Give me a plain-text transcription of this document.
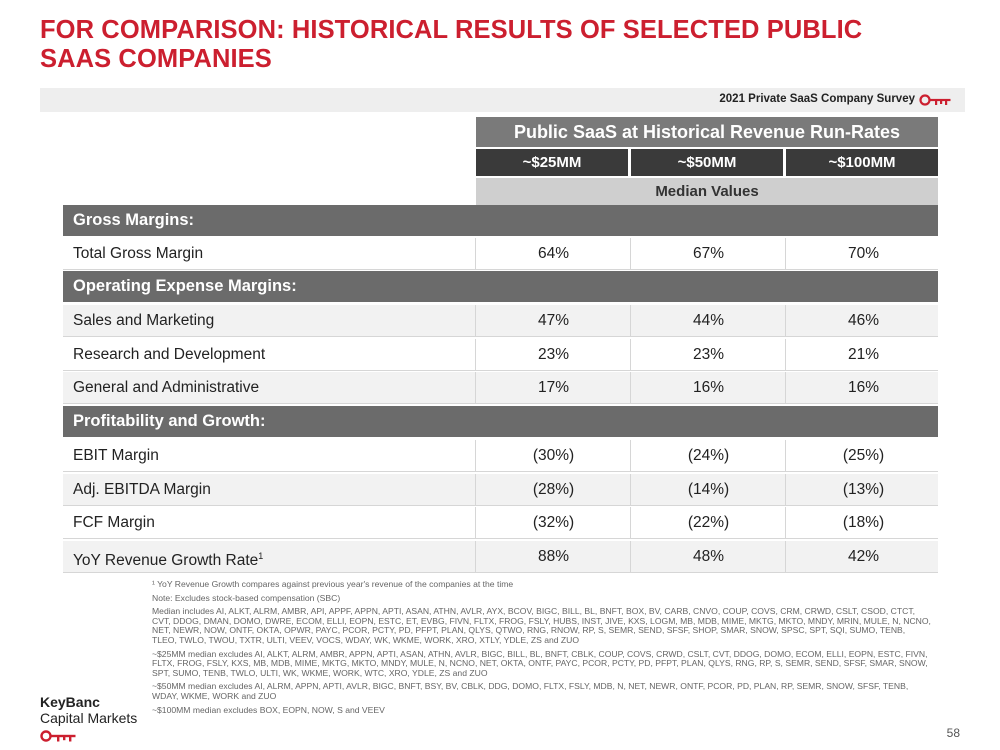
FOR COMPARISON: HISTORICAL RESULTS OF SELECTED PUBLIC SAAS COMPANIES
2021 Private SaaS Company Survey
Public SaaS at Historical Revenue Run-Rates
~$25MM	~$50MM	~$100MM
Median Values
Gross Margins:
Total Gross Margin	64%	67%	70%
Operating Expense Margins:
Sales and Marketing	47%	44%	46%
Research and Development	23%	23%	21%
General and Administrative	17%	16%	16%
Profitability and Growth:
EBIT Margin	(30%)	(24%)	(25%)
Adj. EBITDA Margin	(28%)	(14%)	(13%)
FCF Margin	(32%)	(22%)	(18%)
YoY Revenue Growth Rate$^1$	88%	48%	42%

¹ YoY Revenue Growth compares against previous year's revenue of the companies at the time

Note: Excludes stock-based compensation (SBC)

Median includes AI, ALKT, ALRM, AMBR, API, APPF, APPN, APTI, ASAN, ATHN, AVLR, AYX, BCOV, BIGC, BILL, BL, BNFT, BOX, BV, CARB, CNVO, COUP, COVS, CRM, CRWD, CSLT, CSOD, CTCT, CVT, DDOG, DMAN, DOMO, DWRE, ECOM, ELLI, EOPN, ESTC, ET, EVBG, FIVN, FLTX, FROG, FSLY, HUBS, INST, JIVE, KXS, LOGM, MB, MDB, MIME, MKTG, MKTO, MNDY, MRIN, MULE, N, NCNO, NET, NEWR, NOW, ONTF, OKTA, OPWR, PAYC, PCOR, PCTY, PD, PFPT, PLAN, QLYS, QTWO, RNG, RNOW, RP, S, SEMR, SEND, SFSF, SHOP, SMAR, SNOW, SPSC, SPT, SQI, SUMO, TENB, TLEO, TWLO, TWOU, TXTR, ULTI, VEEV, VOCS, WDAY, WK, WKME, WORK, XRO, XTLY, YDLE, ZS and ZUO

~$25MM median excludes AI, ALKT, ALRM, AMBR, APPN, APTI, ASAN, ATHN, AVLR, BIGC, BILL, BL, BNFT, CBLK, COUP, COVS, CRWD, CSLT, CVT, DDOG, DOMO, ECOM, ELLI, EOPN, ESTC, FIVN, FLTX, FROG, FSLY, KXS, MB, MDB, MIME, MKTG, MKTO, MNDY, MULE, N, NCNO, NET, OKTA, ONTF, PAYC, PCOR, PCTY, PD, PFPT, PLAN, QLYS, RNG, RP, S, SEMR, SEND, SFSF, SMAR, SNOW, SPT, SUMO, TENB, TWLO, ULTI, WK, WKME, WORK, WTC, XRO, YDLE, ZS and ZUO

~$50MM median excludes AI, ALRM, APPN, APTI, AVLR, BIGC, BNFT, BSY, BV, CBLK, DDG, DOMO, FLTX, FSLY, MDB, N, NET, NEWR, ONTF, PCOR, PD, PLAN, RP, SEMR, SNOW, SFSF, TENB, WDAY, WKME, WORK and ZUO

~$100MM median excludes BOX, EOPN, NOW, S and VEEV

KeyBanc
Capital Markets
58
